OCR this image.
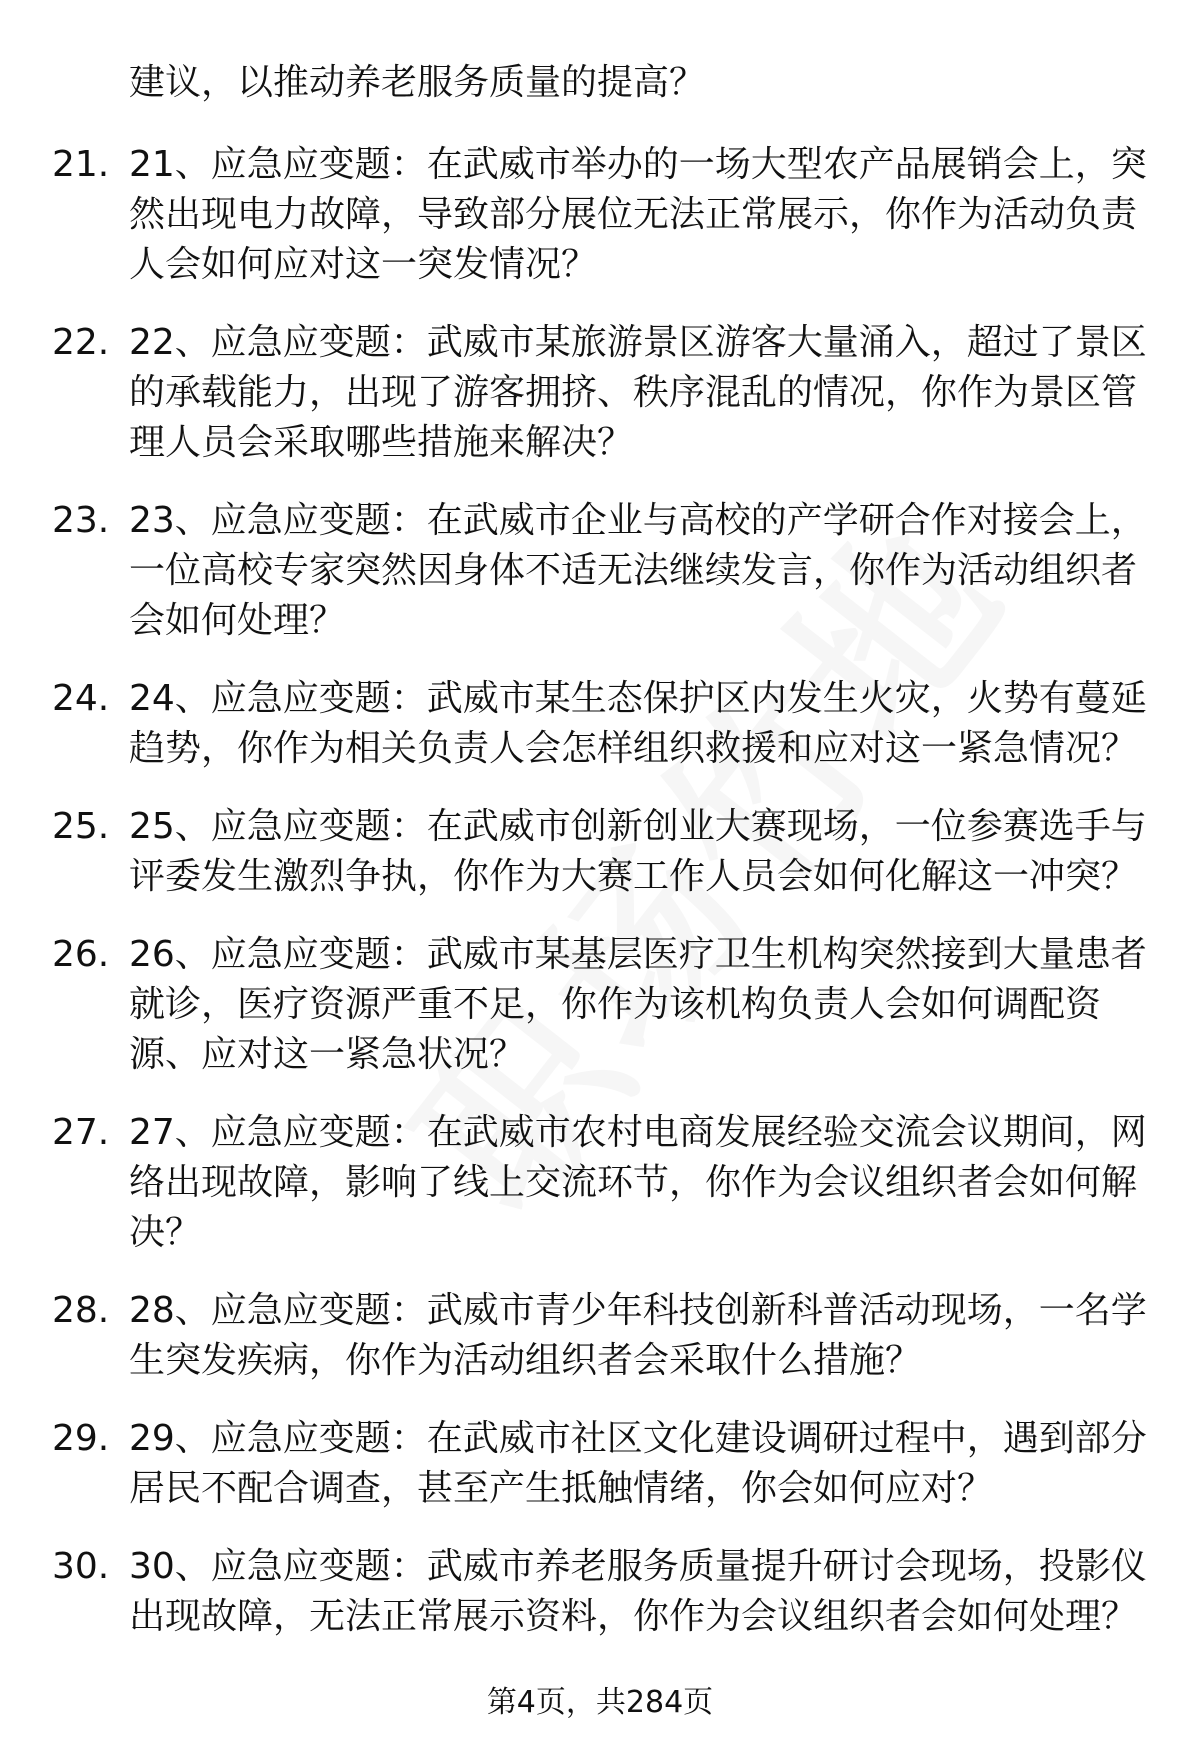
建议，以推动养老服务质量的提高？
21. 21、应急应变题：在武威市举办的一场大型农产品展销会上，突然出现电力故障，导致部分展位无法正常展示，你作为活动负责人会如何应对这一突发情况？
22. 22、应急应变题：武威市某旅游景区游客大量涌入，超过了景区的承载能力，出现了游客拥挤、秩序混乱的情况，你作为景区管理人员会采取哪些措施来解决？
23. 23、应急应变题：在武威市企业与高校的产学研合作对接会上，一位高校专家突然因身体不适无法继续发言，你作为活动组织者会如何处理？
24. 24、应急应变题：武威市某生态保护区内发生火灾，火势有蔓延趋势，你作为相关负责人会怎样组织救援和应对这一紧急情况？
25. 25、应急应变题：在武威市创新创业大赛现场，一位参赛选手与评委发生激烈争执，你作为大赛工作人员会如何化解这一冲突？
26. 26、应急应变题：武威市某基层医疗卫生机构突然接到大量患者就诊，医疗资源严重不足，你作为该机构负责人会如何调配资源、应对这一紧急状况？
27. 27、应急应变题：在武威市农村电商发展经验交流会议期间，网络出现故障，影响了线上交流环节，你作为会议组织者会如何解决？
28. 28、应急应变题：武威市青少年科技创新科普活动现场，一名学生突发疾病，你作为活动组织者会采取什么措施？
29. 29、应急应变题：在武威市社区文化建设调研过程中，遇到部分居民不配合调查，甚至产生抵触情绪，你会如何应对？
30. 30、应急应变题：武威市养老服务质量提升研讨会现场，投影仪出现故障，无法正常展示资料，你作为会议组织者会如何处理？
第4页，共284页
